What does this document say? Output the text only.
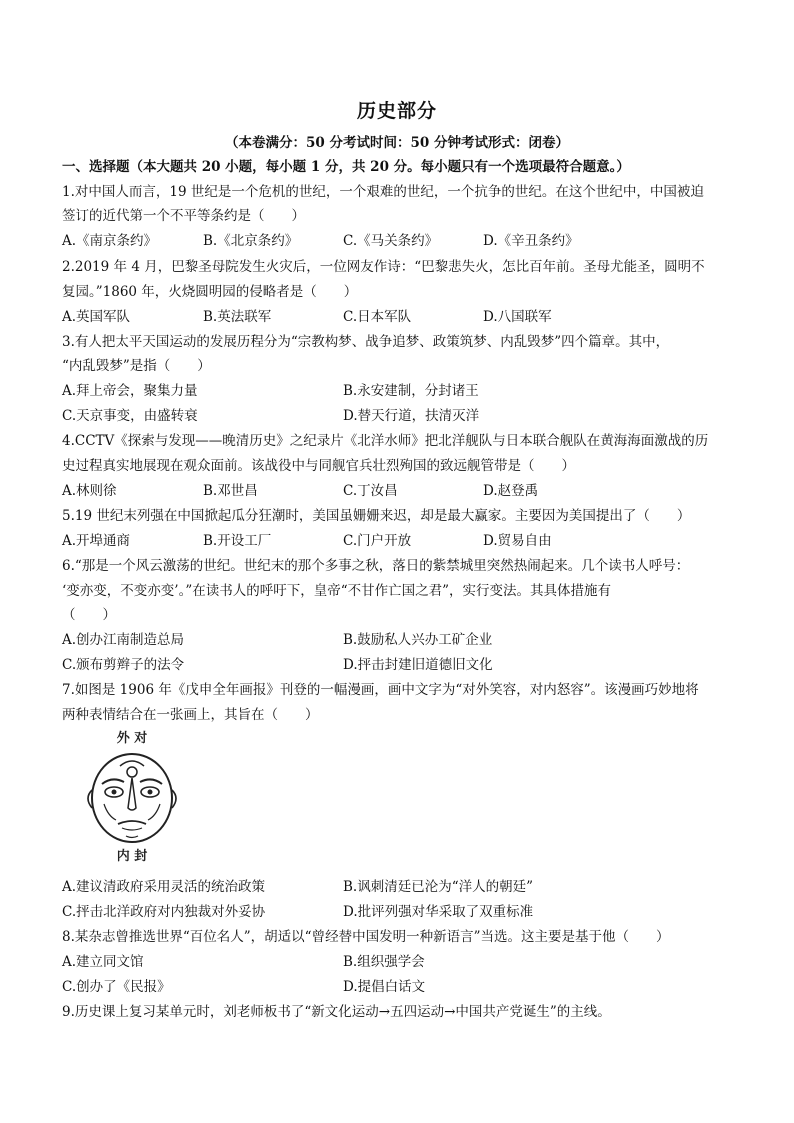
历史部分
（本卷满分：50 分考试时间：50 分钟考试形式：闭卷）
一、选择题（本大题共 20 小题，每小题 1 分，共 20 分。每小题只有一个选项最符合题意。）
1.对中国人而言，19 世纪是一个危机的世纪，一个艰难的世纪，一个抗争的世纪。在这个世纪中，中国被迫
签订的近代第一个不平等条约是（　　）
A.《南京条约》	B.《北京条约》	C.《马关条约》	D.《辛丑条约》
2.2019 年 4 月，巴黎圣母院发生火灾后，一位网友作诗：“巴黎悲失火，怎比百年前。圣母尤能圣，圆明不
复园。”1860 年，火烧圆明园的侵略者是（　　）
A.英国军队	B.英法联军	C.日本军队	D.八国联军
3.有人把太平天国运动的发展历程分为“宗教构梦、战争追梦、政策筑梦、内乱毁梦”四个篇章。其中，
“内乱毁梦”是指（　　）
A.拜上帝会，聚集力量	B.永安建制，分封诸王
C.天京事变，由盛转衰	D.替天行道，扶清灭洋
4.CCTV《探索与发现——晚清历史》之纪录片《北洋水师》把北洋舰队与日本联合舰队在黄海海面激战的历
史过程真实地展现在观众面前。该战役中与同舰官兵壮烈殉国的致远舰管带是（　　）
A.林则徐	B.邓世昌	C.丁汝昌	D.赵登禹
5.19 世纪末列强在中国掀起瓜分狂潮时，美国虽姗姗来迟，却是最大赢家。主要因为美国提出了（　　）
A.开埠通商	B.开设工厂	C.门户开放	D.贸易自由
6.“那是一个风云激荡的世纪。世纪末的那个多事之秋，落日的紫禁城里突然热闹起来。几个读书人呼号：
‘变亦变，不变亦变’。”在读书人的呼吁下，皇帝“不甘作亡国之君”，实行变法。其具体措施有
（　　）
A.创办江南制造总局	B.鼓励私人兴办工矿企业
C.颁布剪辫子的法令	D.抨击封建旧道德旧文化
7.如图是 1906 年《戊申全年画报》刊登的一幅漫画，画中文字为“对外笑容，对内怒容”。该漫画巧妙地将
两种表情结合在一张画上，其旨在（　　）
外 对
内 封
A.建议清政府采用灵活的统治政策	B.讽刺清廷已沦为“洋人的朝廷”
C.抨击北洋政府对内独裁对外妥协	D.批评列强对华采取了双重标准
8.某杂志曾推选世界“百位名人”，胡适以“曾经替中国发明一种新语言”当选。这主要是基于他（　　）
A.建立同文馆	B.组织强学会
C.创办了《民报》	D.提倡白话文
9.历史课上复习某单元时，刘老师板书了“新文化运动→五四运动→中国共产党诞生”的主线。
